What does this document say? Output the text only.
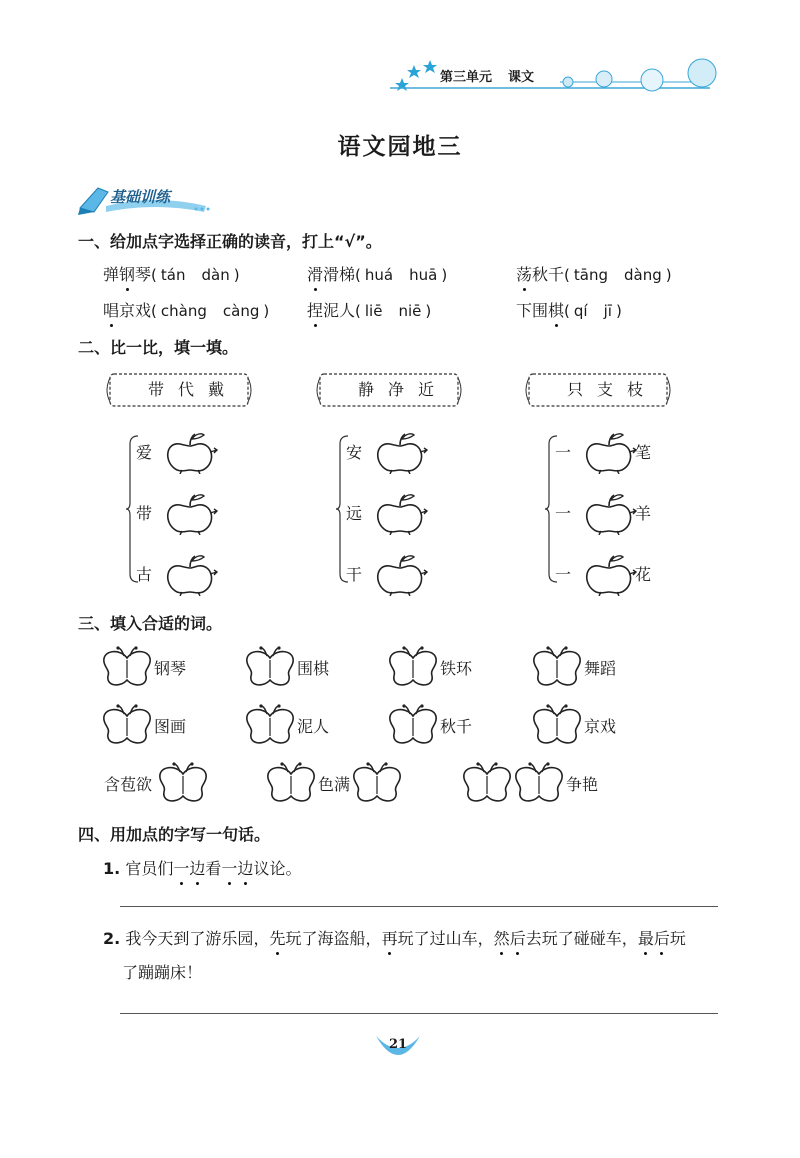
第三单元 课文
语文园地三
基础训练
一、给加点字选择正确的读音，打上“√”。
弹钢琴( tán dàn )	滑滑梯( huá huā )	荡秋千( tāng dàng )
唱京戏( chàng càng ) 捏泥人( liē niē )	下围棋( qí jī )
二、比一比，填一填。
带代戴
爱
带
古
静净近
安
远
干
只支枝
一	笔
一	羊
一	花
三、填入合适的词。
钢琴	围棋	铁环	舞蹈
图画	泥人	秋千	京戏
含苞欲	色满	争艳
四、用加点的字写一句话。
1. 官员们一边看一边议论。
2. 我今天到了游乐园，先玩了海盗船，再玩了过山车，然后去玩了碰碰车，最后玩
了蹦蹦床！
21
